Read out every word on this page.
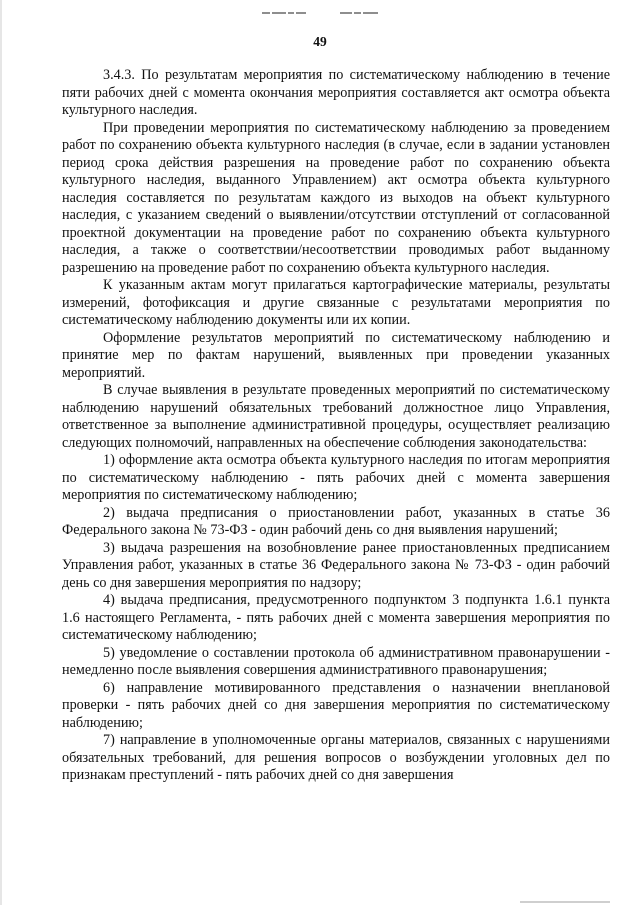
49

3.4.3. По результатам мероприятия по систематическому наблюдению в течение пяти рабочих дней с момента окончания мероприятия составляется акт осмотра объекта культурного наследия.

При проведении мероприятия по систематическому наблюдению за проведением работ по сохранению объекта культурного наследия (в случае, если в задании установлен период срока действия разрешения на проведение работ по сохранению объекта культурного наследия, выданного Управлением) акт осмотра объекта культурного наследия составляется по результатам каждого из выходов на объект культурного наследия, с указанием сведений о выявлении/отсутствии отступлений от согласованной проектной документации на проведение работ по сохранению объекта культурного наследия, а также о соответствии/несоответствии проводимых работ выданному разрешению на проведение работ по сохранению объекта культурного наследия.

К указанным актам могут прилагаться картографические материалы, результаты измерений, фотофиксация и другие связанные с результатами мероприятия по систематическому наблюдению документы или их копии.

Оформление результатов мероприятий по систематическому наблюдению и принятие мер по фактам нарушений, выявленных при проведении указанных мероприятий.

В случае выявления в результате проведенных мероприятий по систематическому наблюдению нарушений обязательных требований должностное лицо Управления, ответственное за выполнение административной процедуры, осуществляет реализацию следующих полномочий, направленных на обеспечение соблюдения законодательства:

1) оформление акта осмотра объекта культурного наследия по итогам мероприятия по систематическому наблюдению - пять рабочих дней с момента завершения мероприятия по систематическому наблюдению;

2) выдача предписания о приостановлении работ, указанных в статье 36 Федерального закона № 73-ФЗ - один рабочий день со дня выявления нарушений;

3) выдача разрешения на возобновление ранее приостановленных предписанием Управления работ, указанных в статье 36 Федерального закона № 73-ФЗ - один рабочий день со дня завершения мероприятия по надзору;

4) выдача предписания, предусмотренного подпунктом 3 подпункта 1.6.1 пункта 1.6 настоящего Регламента, - пять рабочих дней с момента завершения мероприятия по систематическому наблюдению;

5) уведомление о составлении протокола об административном правонарушении - немедленно после выявления совершения административного правонарушения;

6) направление мотивированного представления о назначении внеплановой проверки - пять рабочих дней со дня завершения мероприятия по систематическому наблюдению;

7) направление в уполномоченные органы материалов, связанных с нарушениями обязательных требований, для решения вопросов о возбуждении уголовных дел по признакам преступлений - пять рабочих дней со дня завершения
